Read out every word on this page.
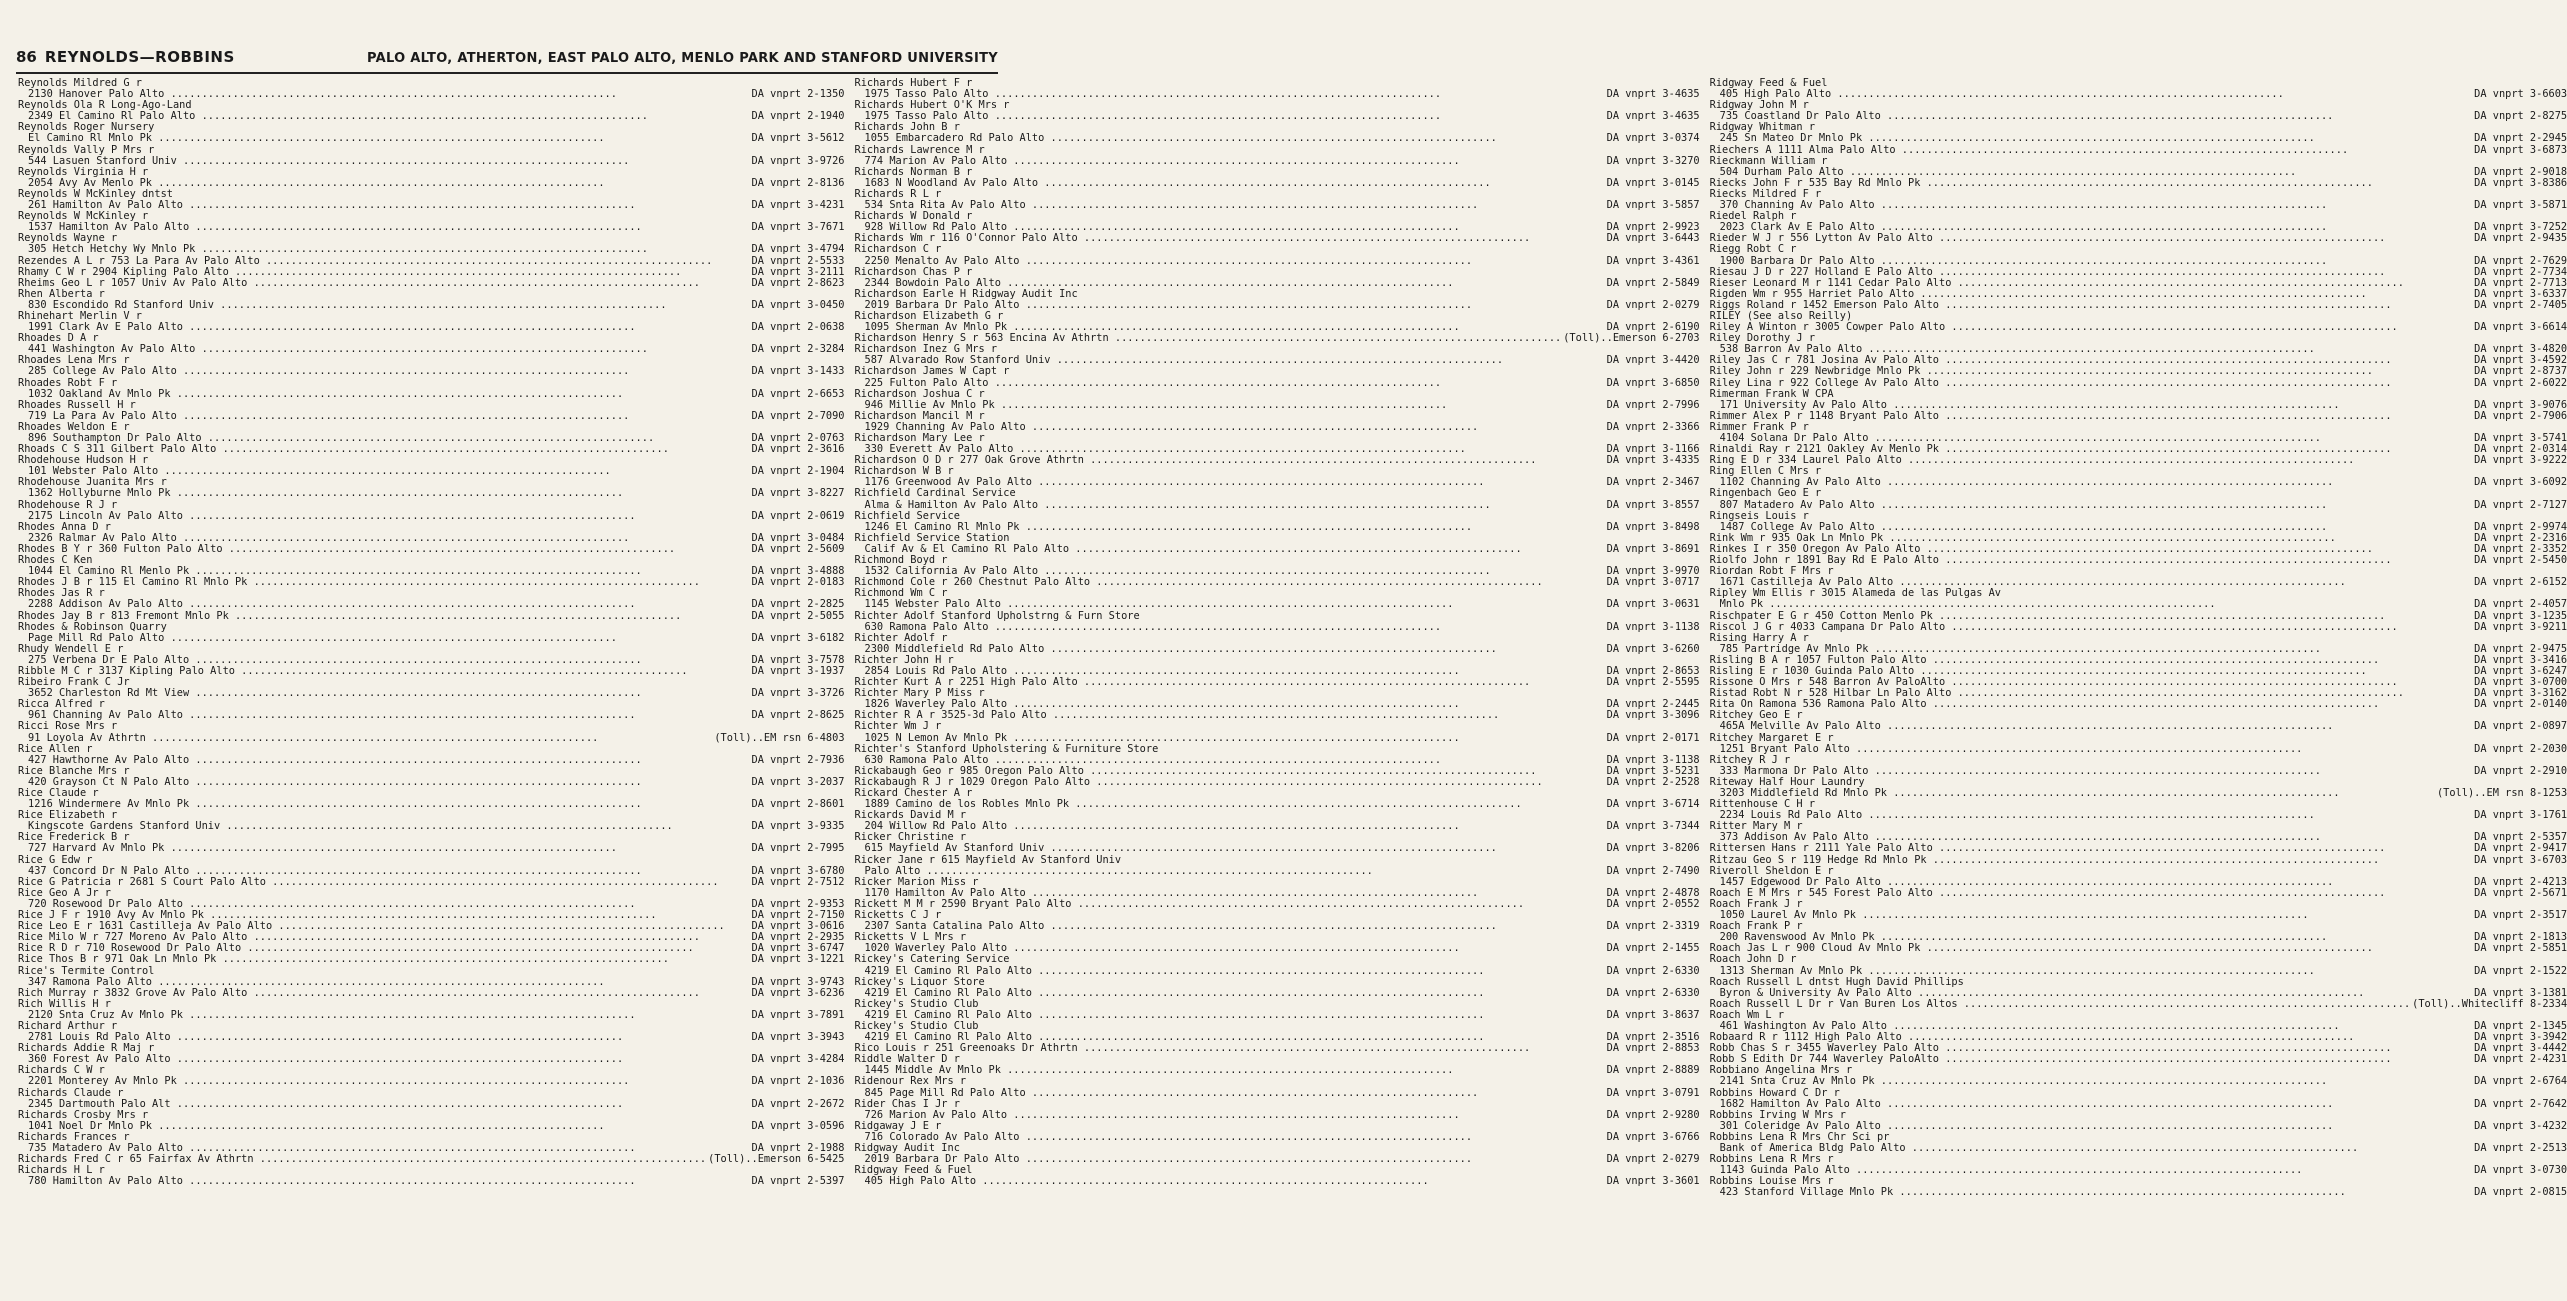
86 REYNOLDS—ROBBINS	PALO ALTO, ATHERTON, EAST PALO ALTO, MENLO PARK AND STANFORD UNIVERSITY
Reynolds Mildred G r
2130 Hanover Palo Alto .....	DA vnprt 2-1350
Reynolds Ola R Long-Ago-Land
2349 El Camino Rl Palo Alto .....	DA vnprt 2-1940
Reynolds Roger Nursery
El Camino Rl Mnlo Pk .....	DA vnprt 3-5612
Reynolds Vally P Mrs r
544 Lasuen Stanford Univ .....	DA vnprt 3-9726
Reynolds Virginia H r
2054 Avy Av Menlo Pk .....	DA vnprt 2-8136
Reynolds W McKinley dntst
261 Hamilton Av Palo Alto .....	DA vnprt 3-4231
Reynolds W McKinley r
1537 Hamilton Av Palo Alto .....	DA vnprt 3-7671
Reynolds Wayne r
305 Hetch Hetchy Wy Mnlo Pk .....	DA vnprt 3-4794
Rezendes A L r 753 La Para Av Palo Alto .....	DA vnprt 2-5533
Rhamy C W r 2904 Kipling Palo Alto .....	DA vnprt 3-2111
Rheims Geo L r 1057 Univ Av Palo Alto .....	DA vnprt 2-8623
Rhen Alberta r
830 Escondido Rd Stanford Univ .....	DA vnprt 3-0450
Rhinehart Merlin V r
1991 Clark Av E Palo Alto .....	DA vnprt 2-0638
Rhoades D A r
441 Washington Av Palo Alto .....	DA vnprt 2-3284
Rhoades Lena Mrs r
285 College Av Palo Alto .....	DA vnprt 3-1433
Rhoades Robt F r
1032 Oakland Av Mnlo Pk .....	DA vnprt 2-6653
Rhoades Russell H r
719 La Para Av Palo Alto .....	DA vnprt 2-7090
Rhoades Weldon E r
896 Southampton Dr Palo Alto .....	DA vnprt 2-0763
Rhoads C S 311 Gilbert Palo Alto .....	DA vnprt 2-3616
Rhodehouse Hudson H r
101 Webster Palo Alto .....	DA vnprt 2-1904
Rhodehouse Juanita Mrs r
1362 Hollyburne Mnlo Pk .....	DA vnprt 3-8227
Rhodehouse R J r
2175 Lincoln Av Palo Alto .....	DA vnprt 2-0619
Rhodes Anna D r
2326 Ralmar Av Palo Alto .....	DA vnprt 3-0484
Rhodes B Y r 360 Fulton Palo Alto .....	DA vnprt 2-5609
Rhodes C Ken
1044 El Camino Rl Menlo Pk .....	DA vnprt 3-4888
Rhodes J B r 115 El Camino Rl Mnlo Pk .....	DA vnprt 2-0183
Rhodes Jas R r
2288 Addison Av Palo Alto .....	DA vnprt 2-2825
Rhodes Jay B r 813 Fremont Mnlo Pk .....	DA vnprt 2-5055
Rhodes & Robinson Quarry
Page Mill Rd Palo Alto .....	DA vnprt 3-6182
Rhudy Wendell E r
275 Verbena Dr E Palo Alto .....	DA vnprt 3-7578
Ribble M C r 3137 Kipling Palo Alto .....	DA vnprt 3-1937
Ribeiro Frank C Jr
3652 Charleston Rd Mt View .....	DA vnprt 3-3726
Ricca Alfred r
961 Channing Av Palo Alto .....	DA vnprt 2-8625
Ricci Rose Mrs r
91 Loyola Av Athrtn .....	(Toll)..EM rsn 6-4803
Rice Allen r
427 Hawthorne Av Palo Alto .....	DA vnprt 2-7936
Rice Blanche Mrs r
420 Grayson Ct N Palo Alto .....	DA vnprt 3-2037
Rice Claude r
1216 Windermere Av Mnlo Pk .....	DA vnprt 2-8601
Rice Elizabeth r
Kingscote Gardens Stanford Univ .....	DA vnprt 3-9335
Rice Frederick B r
727 Harvard Av Mnlo Pk .....	DA vnprt 2-7995
Rice G Edw r
437 Concord Dr N Palo Alto .....	DA vnprt 3-6780
Rice G Patricia r 2681 S Court Palo Alto .....	DA vnprt 2-7512
Rice Geo A Jr r
720 Rosewood Dr Palo Alto .....	DA vnprt 2-9353
Rice J F r 1910 Avy Av Mnlo Pk .....	DA vnprt 2-7150
Rice Leo E r 1631 Castilleja Av Palo Alto .....	DA vnprt 3-0616
Rice Milo W r 727 Moreno Av Palo Alto .....	DA vnprt 2-2935
Rice R D r 710 Rosewood Dr Palo Alto .....	DA vnprt 3-6747
Rice Thos B r 971 Oak Ln Mnlo Pk .....	DA vnprt 3-1221
Rice's Termite Control
347 Ramona Palo Alto .....	DA vnprt 3-9743
Rich Murray r 3832 Grove Av Palo Alto .....	DA vnprt 3-6236
Rich Willis H r
2120 Snta Cruz Av Mnlo Pk .....	DA vnprt 3-7891
Richard Arthur r
2781 Louis Rd Palo Alto .....	DA vnprt 3-3943
Richards Addie R Maj r
360 Forest Av Palo Alto .....	DA vnprt 3-4284
Richards C W r
2201 Monterey Av Mnlo Pk .....	DA vnprt 2-1036
Richards Claude r
2345 Dartmouth Palo Alt .....	DA vnprt 2-2672
Richards Crosby Mrs r
1041 Noel Dr Mnlo Pk .....	DA vnprt 3-0596
Richards Frances r
735 Matadero Av Palo Alto .....	DA vnprt 2-1988
Richards Fred C r 65 Fairfax Av Athrtn .....	(Toll)..Emerson 6-5425
Richards H L r
780 Hamilton Av Palo Alto .....	DA vnprt 2-5397
Richards Hubert F r
1975 Tasso Palo Alto .....	DA vnprt 3-4635
Richards Hubert O'K Mrs r
1975 Tasso Palo Alto .....	DA vnprt 3-4635
Richards John B r
1055 Embarcadero Rd Palo Alto .....	DA vnprt 3-0374
Richards Lawrence M r
774 Marion Av Palo Alto .....	DA vnprt 3-3270
Richards Norman B r
1683 N Woodland Av Palo Alto .....	DA vnprt 3-0145
Richards R L r
534 Snta Rita Av Palo Alto .....	DA vnprt 3-5857
Richards W Donald r
928 Willow Rd Palo Alto .....	DA vnprt 2-9923
Richards Wm r 116 O'Connor Palo Alto .....	DA vnprt 3-6443
Richardson C r
2250 Menalto Av Palo Alto .....	DA vnprt 3-4361
Richardson Chas P r
2344 Bowdoin Palo Alto .....	DA vnprt 2-5849
Richardson Earle H Ridgway Audit Inc
2019 Barbara Dr Palo Alto .....	DA vnprt 2-0279
Richardson Elizabeth G r
1095 Sherman Av Mnlo Pk .....	DA vnprt 2-6190
Richardson Henry S r 563 Encina Av Athrtn .....	(Toll)..Emerson 6-2703
Richardson Inez G Mrs r
587 Alvarado Row Stanford Univ .....	DA vnprt 3-4420
Richardson James W Capt r
225 Fulton Palo Alto .....	DA vnprt 3-6850
Richardson Joshua C r
946 Millie Av Mnlo Pk .....	DA vnprt 2-7996
Richardson Mancil M r
1929 Channing Av Palo Alto .....	DA vnprt 2-3366
Richardson Mary Lee r
330 Everett Av Palo Alto .....	DA vnprt 3-1166
Richardson O D r 277 Oak Grove Athrtn .....	DA vnprt 3-4335
Richardson W B r
1176 Greenwood Av Palo Alto .....	DA vnprt 2-3467
Richfield Cardinal Service
Alma & Hamilton Av Palo Alto .....	DA vnprt 3-8557
Richfield Service
1246 El Camino Rl Mnlo Pk .....	DA vnprt 3-8498
Richfield Service Station
Calif Av & El Camino Rl Palo Alto .....	DA vnprt 3-8691
Richmond Boyd r
1532 California Av Palo Alto .....	DA vnprt 3-9970
Richmond Cole r 260 Chestnut Palo Alto .....	DA vnprt 3-0717
Richmond Wm C r
1145 Webster Palo Alto .....	DA vnprt 3-0631
Richter Adolf Stanford Upholstrng & Furn Store
630 Ramona Palo Alto .....	DA vnprt 3-1138
Richter Adolf r
2300 Middlefield Rd Palo Alto .....	DA vnprt 3-6260
Richter John H r
2854 Louis Rd Palo Alto .....	DA vnprt 2-8653
Richter Kurt A r 2251 High Palo Alto .....	DA vnprt 2-5595
Richter Mary P Miss r
1826 Waverley Palo Alto .....	DA vnprt 2-2445
Richter R A r 3525-3d Palo Alto .....	DA vnprt 3-3096
Richter Wm J r
1025 N Lemon Av Mnlo Pk .....	DA vnprt 2-0171
Richter's Stanford Upholstering & Furniture Store
630 Ramona Palo Alto .....	DA vnprt 3-1138
Rickabaugh Geo r 985 Oregon Palo Alto .....	DA vnprt 3-5231
Rickabaugh R J r 1029 Oregon Palo Alto .....	DA vnprt 2-2528
Rickard Chester A r
1889 Camino de los Robles Mnlo Pk .....	DA vnprt 3-6714
Rickards David M r
204 Willow Rd Palo Alto .....	DA vnprt 3-7344
Ricker Christine r
615 Mayfield Av Stanford Univ .....	DA vnprt 3-8206
Ricker Jane r 615 Mayfield Av Stanford Univ
Palo Alto .....	DA vnprt 2-7490
Ricker Marion Miss r
1170 Hamilton Av Palo Alto .....	DA vnprt 2-4878
Rickett M M r 2590 Bryant Palo Alto .....	DA vnprt 2-0552
Ricketts C J r
2307 Santa Catalina Palo Alto .....	DA vnprt 2-3319
Ricketts V L Mrs r
1020 Waverley Palo Alto .....	DA vnprt 2-1455
Rickey's Catering Service
4219 El Camino Rl Palo Alto .....	DA vnprt 2-6330
Rickey's Liquor Store
4219 El Camino Rl Palo Alto .....	DA vnprt 2-6330
Rickey's Studio Club
4219 El Camino Rl Palo Alto .....	DA vnprt 3-8637
Rickey's Studio Club
4219 El Camino Rl Palo Alto .....	DA vnprt 2-3516
Rico Louis r 251 Greenoaks Dr Athrtn .....	DA vnprt 2-8853
Riddle Walter D r
1445 Middle Av Mnlo Pk .....	DA vnprt 2-8889
Ridenour Rex Mrs r
845 Page Mill Rd Palo Alto .....	DA vnprt 3-0791
Rider Chas I Jr r
726 Marion Av Palo Alto .....	DA vnprt 2-9280
Ridgaway J E r
716 Colorado Av Palo Alto .....	DA vnprt 3-6766
Ridgway Audit Inc
2019 Barbara Dr Palo Alto .....	DA vnprt 2-0279
Ridgway Feed & Fuel
405 High Palo Alto .....	DA vnprt 3-3601
Ridgway Feed & Fuel
405 High Palo Alto .....	DA vnprt 3-6603
Ridgway John M r
735 Coastland Dr Palo Alto .....	DA vnprt 2-8275
Ridgway Whitman r
245 Sn Mateo Dr Mnlo Pk .....	DA vnprt 2-2945
Riechers A 1111 Alma Palo Alto .....	DA vnprt 3-6873
Rieckmann William r
504 Durham Palo Alto .....	DA vnprt 2-9018
Riecks John F r 535 Bay Rd Mnlo Pk .....	DA vnprt 3-8386
Riecks Mildred F r
370 Channing Av Palo Alto .....	DA vnprt 3-5871
Riedel Ralph r
2023 Clark Av E Palo Alto .....	DA vnprt 3-7252
Rieder W J r 556 Lytton Av Palo Alto .....	DA vnprt 2-9435
Riegg Robt C r
1900 Barbara Dr Palo Alto .....	DA vnprt 2-7629
Riesau J D r 227 Holland E Palo Alto .....	DA vnprt 2-7734
Rieser Leonard M r 1141 Cedar Palo Alto .....	DA vnprt 2-7713
Rigden Wm r 955 Harriet Palo Alto .....	DA vnprt 3-6337
Riggs Roland r 1452 Emerson Palo Alto .....	DA vnprt 2-7405
RILEY (See also Reilly)
Riley A Winton r 3005 Cowper Palo Alto .....	DA vnprt 3-6614
Riley Dorothy J r
538 Barron Av Palo Alto .....	DA vnprt 3-4820
Riley Jas C r 781 Josina Av Palo Alto .....	DA vnprt 3-4592
Riley John r 229 Newbridge Mnlo Pk .....	DA vnprt 2-8737
Riley Lina r 922 College Av Palo Alto .....	DA vnprt 2-6022
Rimerman Frank W CPA
171 University Av Palo Alto .....	DA vnprt 3-9076
Rimmer Alex P r 1148 Bryant Palo Alto .....	DA vnprt 2-7906
Rimmer Frank P r
4104 Solana Dr Palo Alto .....	DA vnprt 3-5741
Rinaldi Ray r 2121 Oakley Av Menlo Pk .....	DA vnprt 2-0314
Ring E D r 334 Laurel Palo Alto .....	DA vnprt 3-9222
Ring Ellen C Mrs r
1102 Channing Av Palo Alto .....	DA vnprt 3-6092
Ringenbach Geo E r
807 Matadero Av Palo Alto .....	DA vnprt 2-7127
Ringseis Louis r
1487 College Av Palo Alto .....	DA vnprt 2-9974
Rink Wm r 935 Oak Ln Mnlo Pk .....	DA vnprt 2-2316
Rinkes I r 350 Oregon Av Palo Alto .....	DA vnprt 2-3352
Riolfo John r 1891 Bay Rd E Palo Alto .....	DA vnprt 2-5450
Riordan Robt F Mrs r
1671 Castilleja Av Palo Alto .....	DA vnprt 2-6152
Ripley Wm Ellis r 3015 Alameda de las Pulgas Av
Mnlo Pk .....	DA vnprt 2-4057
Rischpater E G r 450 Cotton Menlo Pk .....	DA vnprt 3-1235
Riscol J G r 4033 Campana Dr Palo Alto .....	DA vnprt 3-9211
Rising Harry A r
785 Partridge Av Mnlo Pk .....	DA vnprt 2-9475
Risling B A r 1057 Fulton Palo Alto .....	DA vnprt 3-3416
Risling E r 1030 Guinda Palo Alto .....	DA vnprt 3-6247
Rissone O Mrs r 548 Barron Av PaloAlto .....	DA vnprt 3-0700
Ristad Robt N r 528 Hilbar Ln Palo Alto .....	DA vnprt 3-3162
Rita On Ramona 536 Ramona Palo Alto .....	DA vnprt 2-0140
Ritchey Geo E r
465A Melville Av Palo Alto .....	DA vnprt 2-0897
Ritchey Margaret E r
1251 Bryant Palo Alto .....	DA vnprt 2-2030
Ritchey R J r
333 Marmona Dr Palo Alto .....	DA vnprt 2-2910
Riteway Half Hour Laundry
3203 Middlefield Rd Mnlo Pk .....	(Toll)..EM rsn 8-1253
Rittenhouse C H r
2234 Louis Rd Palo Alto .....	DA vnprt 3-1761
Ritter Mary M r
373 Addison Av Palo Alto .....	DA vnprt 2-5357
Rittersen Hans r 2111 Yale Palo Alto .....	DA vnprt 2-9417
Ritzau Geo S r 119 Hedge Rd Mnlo Pk .....	DA vnprt 3-6703
Riveroll Sheldon E r
1457 Edgewood Dr Palo Alto .....	DA vnprt 2-4213
Roach E M Mrs r 545 Forest Palo Alto .....	DA vnprt 2-5671
Roach Frank J r
1050 Laurel Av Mnlo Pk .....	DA vnprt 2-3517
Roach Frank P r
200 Ravenswood Av Mnlo Pk .....	DA vnprt 2-1813
Roach Jas L r 900 Cloud Av Mnlo Pk .....	DA vnprt 2-5851
Roach John D r
1313 Sherman Av Mnlo Pk .....	DA vnprt 2-1522
Roach Russell L dntst Hugh David Phillips
Byron & University Av Palo Alto .....	DA vnprt 3-1381
Roach Russell L Dr r Van Buren Los Altos .....	(Toll)..Whitecliff 8-2334
Roach Wm L r
461 Washington Av Palo Alto .....	DA vnprt 2-1345
Robaard R r 1112 High Palo Alto .....	DA vnprt 3-3942
Robb Chas S r 3455 Waverley Palo Alto .....	DA vnprt 3-4442
Robb S Edith Dr 744 Waverley PaloAlto .....	DA vnprt 2-4231
Robbiano Angelina Mrs r
2141 Snta Cruz Av Mnlo Pk .....	DA vnprt 2-6764
Robbins Howard C Dr r
1682 Hamilton Av Palo Alto .....	DA vnprt 2-7642
Robbins Irving W Mrs r
301 Coleridge Av Palo Alto .....	DA vnprt 3-4232
Robbins Lena R Mrs Chr Sci pr
Bank of America Bldg Palo Alto .....	DA vnprt 2-2513
Robbins Lena R Mrs r
1143 Guinda Palo Alto .....	DA vnprt 3-0730
Robbins Louise Mrs r
423 Stanford Village Mnlo Pk .....	DA vnprt 2-0815
